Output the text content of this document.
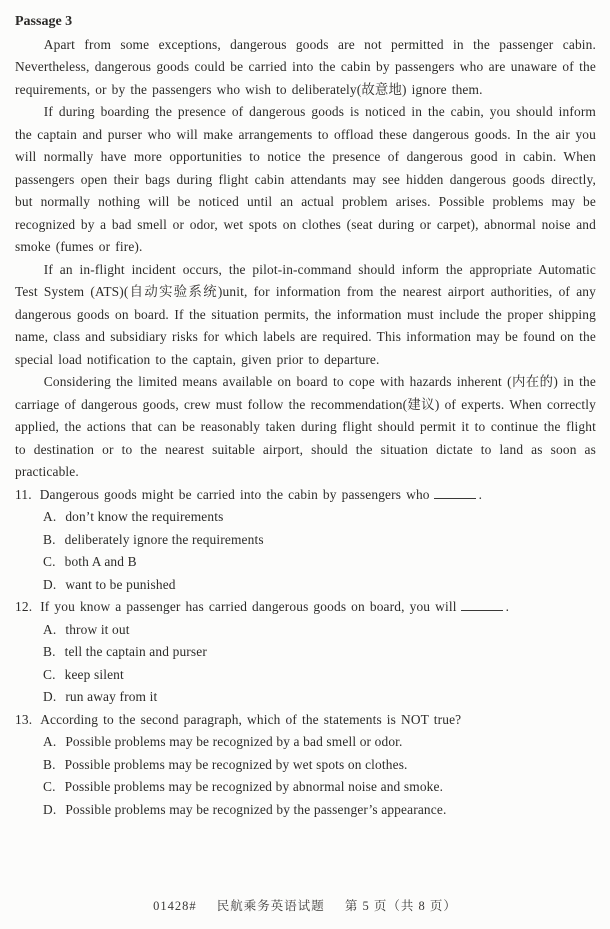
Passage 3

Apart from some exceptions, dangerous goods are not permitted in the passenger cabin. Nevertheless, dangerous goods could be carried into the cabin by passengers who are unaware of the requirements, or by the passengers who wish to deliberately(故意地) ignore them.

If during boarding the presence of dangerous goods is noticed in the cabin, you should inform the captain and purser who will make arrangements to offload these dangerous goods. In the air you will normally have more opportunities to notice the presence of dangerous good in cabin. When passengers open their bags during flight cabin attendants may see hidden dangerous goods directly, but normally nothing will be noticed until an actual problem arises. Possible problems may be recognized by a bad smell or odor, wet spots on clothes (seat during or carpet), abnormal noise and smoke (fumes or fire).

If an in-flight incident occurs, the pilot-in-command should inform the appropriate Automatic Test System (ATS)(自动实验系统)unit, for information from the nearest airport authorities, of any dangerous goods on board. If the situation permits, the information must include the proper shipping name, class and subsidiary risks for which labels are required. This information may be found on the special load notification to the captain, given prior to departure.

Considering the limited means available on board to cope with hazards inherent (内在的) in the carriage of dangerous goods, crew must follow the recommendation(建议) of experts. When correctly applied, the actions that can be reasonably taken during flight should permit it to continue the flight to destination or to the nearest suitable airport, should the situation dictate to land as soon as practicable.

11. Dangerous goods might be carried into the cabin by passengers who	.
A. don’t know the requirements
B. deliberately ignore the requirements
C. both A and B
D. want to be punished
12. If you know a passenger has carried dangerous goods on board, you will	.
A. throw it out
B. tell the captain and purser
C. keep silent
D. run away from it
13. According to the second paragraph, which of the statements is NOT true?
A. Possible problems may be recognized by a bad smell or odor.
B. Possible problems may be recognized by wet spots on clothes.
C. Possible problems may be recognized by abnormal noise and smoke.
D. Possible problems may be recognized by the passenger’s appearance.
01428# 民航乘务英语试题 第 5 页（共 8 页）
